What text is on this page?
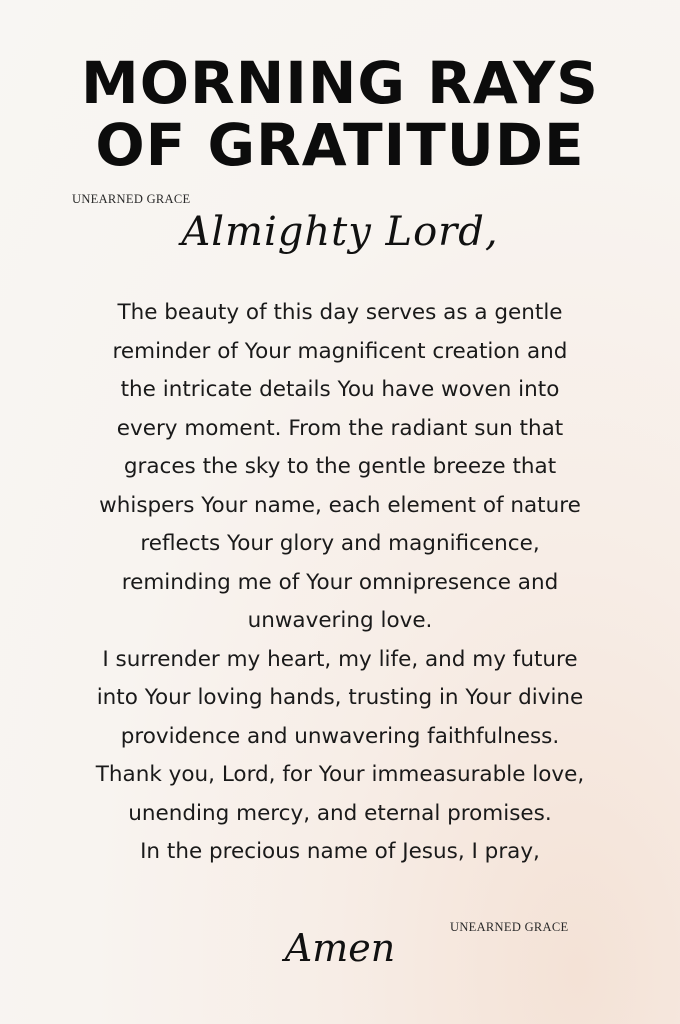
MORNING RAYS
OF GRATITUDE
UNEARNED GRACE
Almighty Lord,
The beauty of this day serves as a gentle
reminder of Your magnificent creation and
the intricate details You have woven into
every moment. From the radiant sun that
graces the sky to the gentle breeze that
whispers Your name, each element of nature
reflects Your glory and magnificence,
reminding me of Your omnipresence and
unwavering love.
I surrender my heart, my life, and my future
into Your loving hands, trusting in Your divine
providence and unwavering faithfulness.
Thank you, Lord, for Your immeasurable love,
unending mercy, and eternal promises.
In the precious name of Jesus, I pray,
Amen	UNEARNED GRACE
